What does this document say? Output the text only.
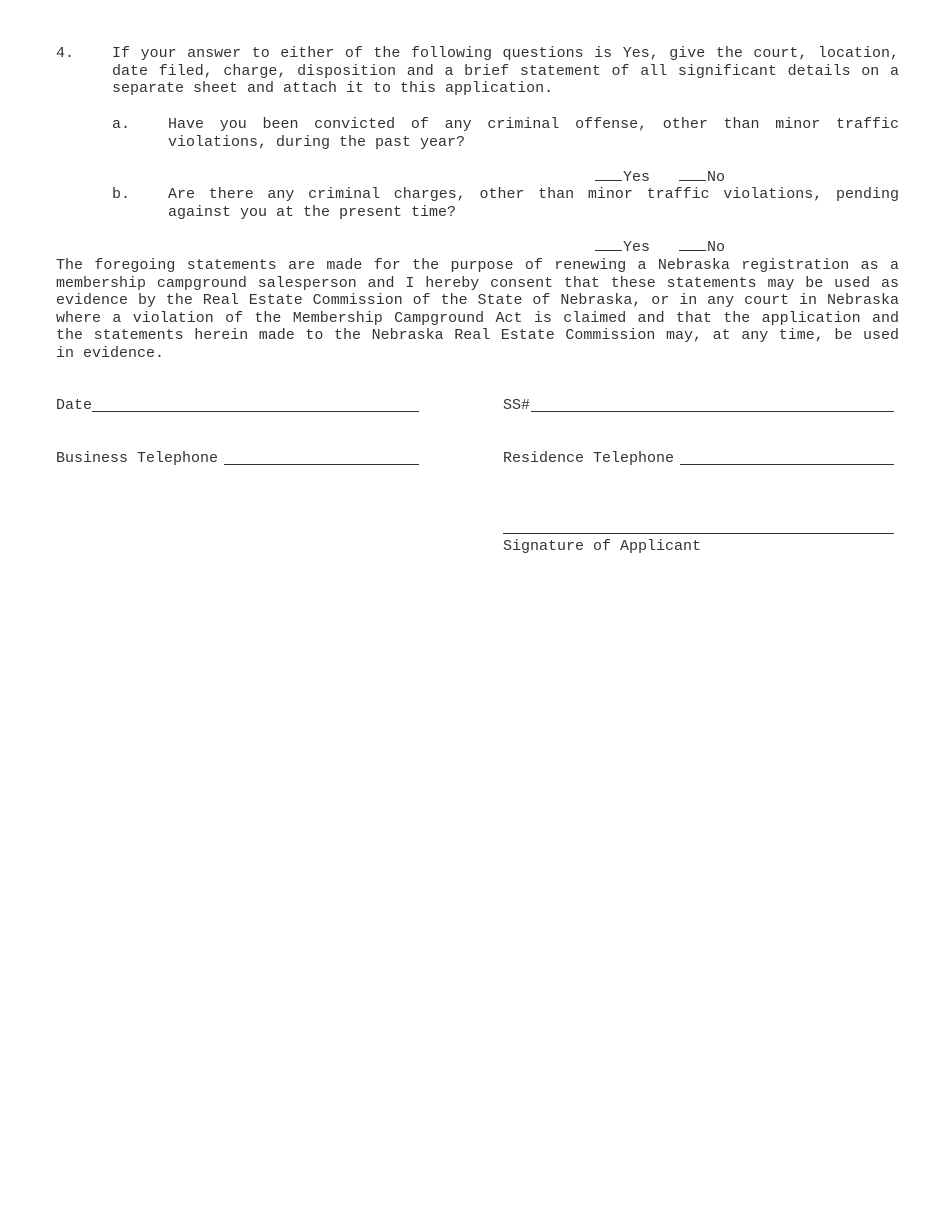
4.	If your answer to either of the following questions is Yes, give the court, location, date filed, charge, disposition and a brief statement of all significant details on a separate sheet and attach it to this application.

a.	Have you been convicted of any criminal offense, other than minor traffic violations, during the past year?

Yes
	No

b.	Are there any criminal charges, other than minor traffic violations, pending against you at the present time?

Yes
	No

The foregoing statements are made for the purpose of renewing a Nebraska registration as a membership campground salesperson and I hereby consent that these statements may be used as evidence by the Real Estate Commission of the State of Nebraska, or in any court in Nebraska where a violation of the Membership Campground Act is claimed and that the application and the statements herein made to the Nebraska Real Estate Commission may, at any time, be used in evidence.

Date	SS#
Business Telephone	Residence Telephone
Signature of Applicant
